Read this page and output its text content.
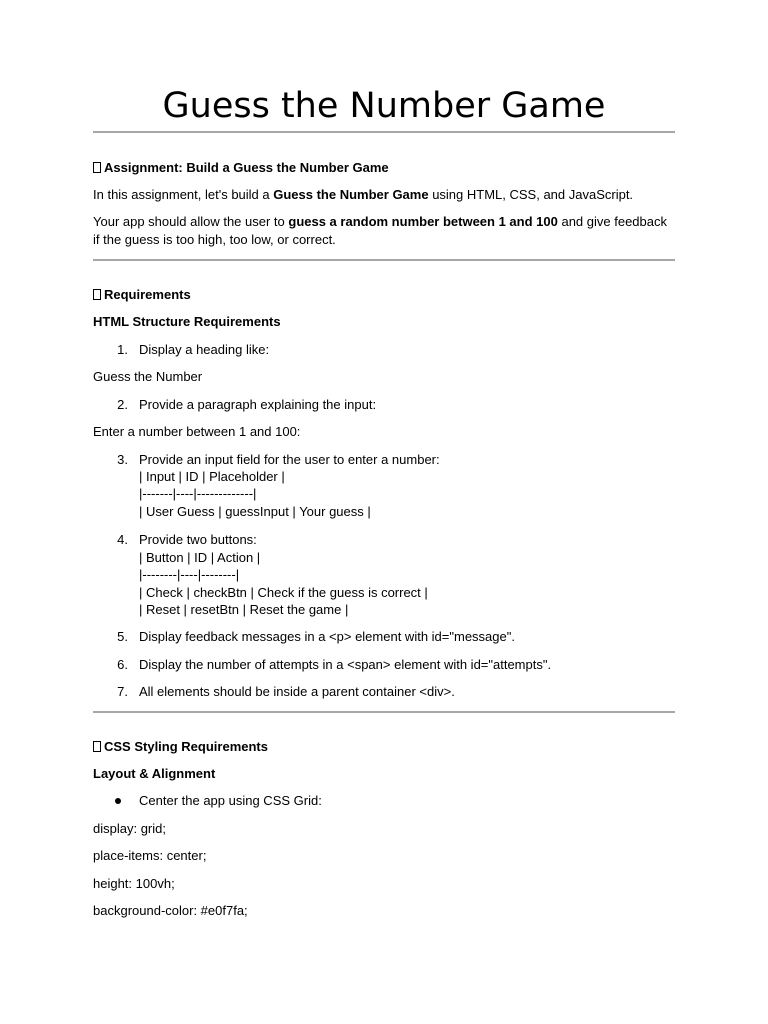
Guess the Number Game
Assignment: Build a Guess the Number Game
In this assignment, let's build a Guess the Number Game using HTML, CSS, and JavaScript.
Your app should allow the user to guess a random number between 1 and 100 and give feedback if the guess is too high, too low, or correct.
Requirements
HTML Structure Requirements
1. Display a heading like:
Guess the Number
2. Provide a paragraph explaining the input:
Enter a number between 1 and 100:
3. Provide an input field for the user to enter a number:
| Input | ID | Placeholder |
|-------|----|-------------|
| User Guess | guessInput | Your guess |
4. Provide two buttons:
| Button | ID | Action |
|--------|----|--------|
| Check | checkBtn | Check if the guess is correct |
| Reset | resetBtn | Reset the game |
5. Display feedback messages in a <p> element with id="message".
6. Display the number of attempts in a <span> element with id="attempts".
7. All elements should be inside a parent container <div>.
CSS Styling Requirements
Layout & Alignment
Center the app using CSS Grid:
display: grid;
place-items: center;
height: 100vh;
background-color: #e0f7fa;
